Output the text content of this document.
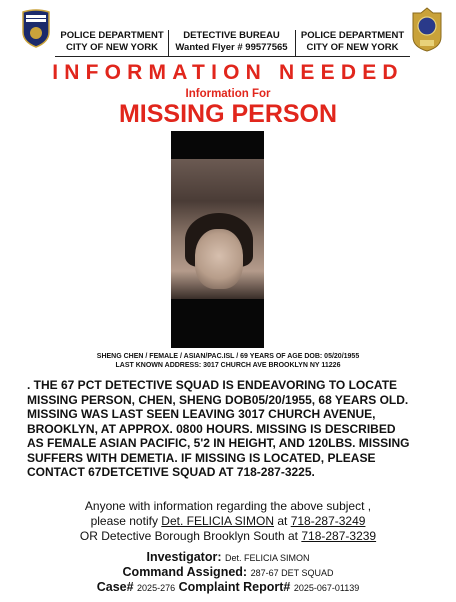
POLICE DEPARTMENT
CITY OF NEW YORK
DETECTIVE BUREAU
Wanted Flyer # 99577565
POLICE DEPARTMENT
CITY OF NEW YORK
INFORMATION NEEDED
Information For
MISSING PERSON
SHENG CHEN / FEMALE / ASIAN/PAC.ISL / 69 YEARS OF AGE DOB: 05/20/1955
LAST KNOWN ADDRESS: 3017 CHURCH AVE BROOKLYN NY 11226
. THE 67 PCT DETECTIVE SQUAD IS ENDEAVORING TO LOCATE
MISSING PERSON, CHEN, SHENG DOB05/20/1955, 68 YEARS OLD.
MISSING WAS LAST SEEN LEAVING 3017 CHURCH AVENUE,
BROOKLYN, AT APPROX. 0800 HOURS. MISSING IS DESCRIBED
AS FEMALE ASIAN PACIFIC, 5'2 IN HEIGHT, AND 120LBS. MISSING
SUFFERS WITH DEMETIA. IF MISSING IS LOCATED, PLEASE
CONTACT 67DETCETIVE SQUAD AT 718-287-3225.
Anyone with information regarding the above subject ,
please notify Det. FELICIA SIMON at 718-287-3249
OR Detective Borough Brooklyn South at 718-287-3239
Investigator: Det. FELICIA SIMON
Command Assigned: 287-67 DET SQUAD
Case# 2025-276 Complaint Report# 2025-067-01139
